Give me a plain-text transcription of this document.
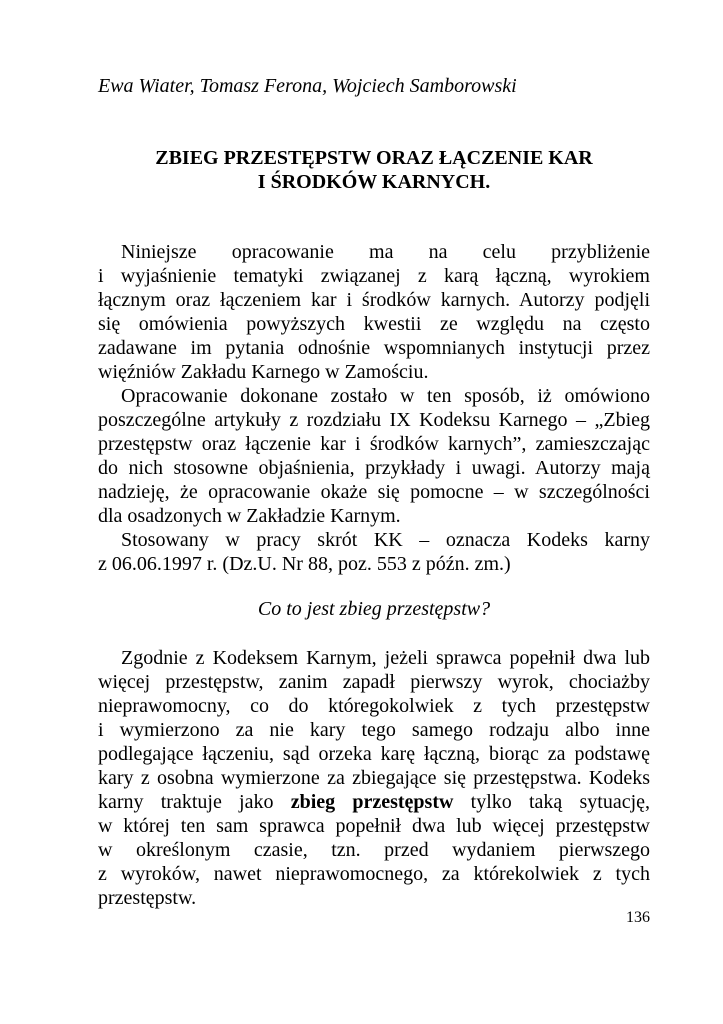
Ewa Wiater, Tomasz Ferona, Wojciech Samborowski
ZBIEG PRZESTĘPSTW ORAZ ŁĄCZENIE KAR
I ŚRODKÓW KARNYCH.
Niniejsze opracowanie ma na celu przybliżenie
i wyjaśnienie tematyki związanej z karą łączną, wyrokiem
łącznym oraz łączeniem kar i środków karnych. Autorzy podjęli
się omówienia powyższych kwestii ze względu na często
zadawane im pytania odnośnie wspomnianych instytucji przez
więźniów Zakładu Karnego w Zamościu.
Opracowanie dokonane zostało w ten sposób, iż omówiono
poszczególne artykuły z rozdziału IX Kodeksu Karnego – „Zbieg
przestępstw oraz łączenie kar i środków karnych”, zamieszczając
do nich stosowne objaśnienia, przykłady i uwagi. Autorzy mają
nadzieję, że opracowanie okaże się pomocne – w szczególności
dla osadzonych w Zakładzie Karnym.
Stosowany w pracy skrót KK – oznacza Kodeks karny
z 06.06.1997 r. (Dz.U. Nr 88, poz. 553 z późn. zm.)
Co to jest zbieg przestępstw?
Zgodnie z Kodeksem Karnym, jeżeli sprawca popełnił dwa lub
więcej przestępstw, zanim zapadł pierwszy wyrok, chociażby
nieprawomocny, co do któregokolwiek z tych przestępstw
i wymierzono za nie kary tego samego rodzaju albo inne
podlegające łączeniu, sąd orzeka karę łączną, biorąc za podstawę
kary z osobna wymierzone za zbiegające się przestępstwa. Kodeks
karny traktuje jako zbieg przestępstw tylko taką sytuację,
w której ten sam sprawca popełnił dwa lub więcej przestępstw
w określonym czasie, tzn. przed wydaniem pierwszego
z wyroków, nawet nieprawomocnego, za którekolwiek z tych
przestępstw.
136
